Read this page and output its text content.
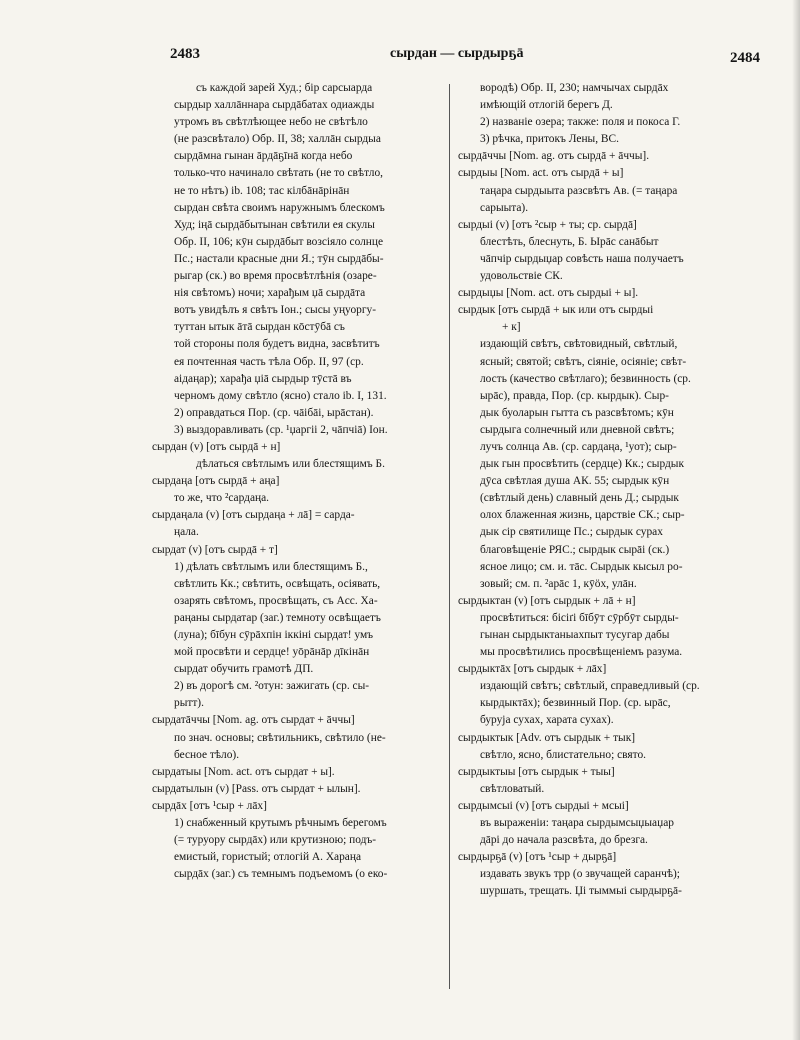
2483	сырдан — сырдырҕā	2484
съ каждой зарей Худ.; бір сарсыарда
сырдыр халлāннара сырдāбатах одиажды
утромъ въ свѣтлѣющее небо не свѣтѣло
(не разсвѣтало) Обр. II, 38; халлāн сырдыа
сырдāмна гынан āрдāҕīнā когда небо
только-что начинало свѣтать (не то свѣтло,
не то нѣтъ) ib. 108; тас кілбāнāрінāн
сырдан свѣта своимъ наружнымъ блескомъ
Худ; іңā сырдāбытынан свѣтили ея скулы
Обр. II, 106; кӯн сырдāбыт возсіяло солнце
Пс.; настали красные дни Я.; тӯн сырдāбы-
рыгар (ск.) во время просвѣтлѣнія (озаре-
нія свѣтомъ) ночи; харађым џā сырдāта
вотъ увидѣлъ я свѣтъ Іон.; сысы уңуоргу-
туттан ытык āтā сырдан кōстӯбā съ
той стороны поля будетъ видна, засвѣтитъ
ея почтенная часть тѣла Обр. II, 97 (ср.
аідаңар); харађа џіā сырдыр тӯстā въ
черномъ дому свѣтло (ясно) стало ib. I, 131.
2) оправдаться Пор. (ср. чāібāі, ырāстан).
3) выздоравливать (ср. ¹џаргіі 2, чāпчіā) Іон.
сырдан (v) [отъ сырдā + н]
дѣлаться свѣтлымъ или блестящимъ Б.
сырдаңа [отъ сырдā + аңа]
то же, что ²сардаңа.
сырдаңала (v) [отъ сырдаңа + лā] = сарда-
ңала.
сырдат (v) [отъ сырдā + т]
1) дѣлать свѣтлымъ или блестящимъ Б.,
свѣтлить Кк.; свѣтить, освѣщать, осіявать,
озарять свѣтомъ, просвѣщать, съ Acc. Ха-
раңаны сырдатар (заг.) темноту освѣщаетъ
(луна); бīбун сӯрāхпін іккіні сырдат! умъ
мой просвѣти и сердце! уōрāнāр дīкінāн
сырдат обучить грамотѣ ДП.
2) въ дорогѣ см. ²отун: зажигать (ср. сы-
рытт).
сырдатāччы [Nom. ag. отъ сырдат + āччы]
по знач. основы; свѣтильникъ, свѣтило (не-
бесное тѣло).
сырдатыы [Nom. act. отъ сырдат + ы].
сырдатылын (v) [Pass. отъ сырдат + ылын].
сырдāх [отъ ¹сыр + лāх]
1) снабженный крутымъ рѣчнымъ берегомъ
(= туруору сырдāх) или крутизною; подъ-
емистый, гористый; отлогій А. Хараңа
сырдāх (заг.) съ темнымъ подъемомъ (о еко-
вородѣ) Обр. II, 230; намчычах сырдāх
имѣющій отлогій берегъ Д.
2) названіе озера; также: поля и покоса Г.
3) рѣчка, притокъ Лены, ВС.
сырдāччы [Nom. ag. отъ сырдā + āччы].
сырдыы [Nom. act. отъ сырдā + ы]
таңара сырдыыта разсвѣтъ Ав. (= таңара
сарыыта).
сырдыі (v) [отъ ²сыр + ты; ср. сырдā]
блестѣть, блеснуть, Б. Ырāс санāбыт
чāпчір сырдыџар совѣсть наша получаетъ
удовольствіе СК.
сырдыџы [Nom. act. отъ сырдыі + ы].
сырдык [отъ сырдā + ык или отъ сырдыі
+ к]
издающій свѣтъ, свѣтовидный, свѣтлый,
ясный; святой; свѣтъ, сіяніе, осіяніе; свѣт-
лость (качество свѣтлаго); безвинность (ср.
ырāс), правда, Пор. (ср. кырдык). Сыр-
дык буоларын гытта съ разсвѣтомъ; кӯн
сырдыга солнечный или дневной свѣтъ;
лучъ солнца Ав. (ср. сардаңа, ¹уот); сыр-
дык гын просвѣтить (сердце) Кк.; сырдык
дӯса свѣтлая душа АК. 55; сырдык кӯн
(свѣтлый день) славный день Д.; сырдык
олох блаженная жизнь, царствіе СК.; сыр-
дык сір святилище Пс.; сырдык сурах
благовѣщеніе РЯС.; сырдык сырāі (ск.)
ясное лицо; см. и. тāс. Сырдык кысыл ро-
зовый; см. п. ²арāс 1, кӯöх, улāн.
сырдыктан (v) [отъ сырдык + лā + н]
просвѣтиться: бісіґі бīбӯт сӯрбӯт сырды-
гынан сырдыктаныахпыт тусугар дабы
мы просвѣтились просвѣщеніемъ разума.
сырдыктāх [отъ сырдык + лāх]
издающій свѣтъ; свѣтлый, справедливый (ср.
кырдыктāх); безвинный Пор. (ср. ырāс,
буруја сухах, харата сухах).
сырдыктык [Adv. отъ сырдык + тык]
свѣтло, ясно, блистательно; свято.
сырдыктыы [отъ сырдык + тыы]
свѣтловатый.
сырдымсыі (v) [отъ сырдыі + мсыі]
въ выраженіи: таңара сырдымсыџыаџар
дāрі до начала разсвѣта, до брезга.
сырдырҕā (v) [отъ ¹сыр + дырҕā]
издавать звукъ тpр (о звучащей саранчѣ);
шуршать, трещать. Џі тыммыі сырдырҕā-
